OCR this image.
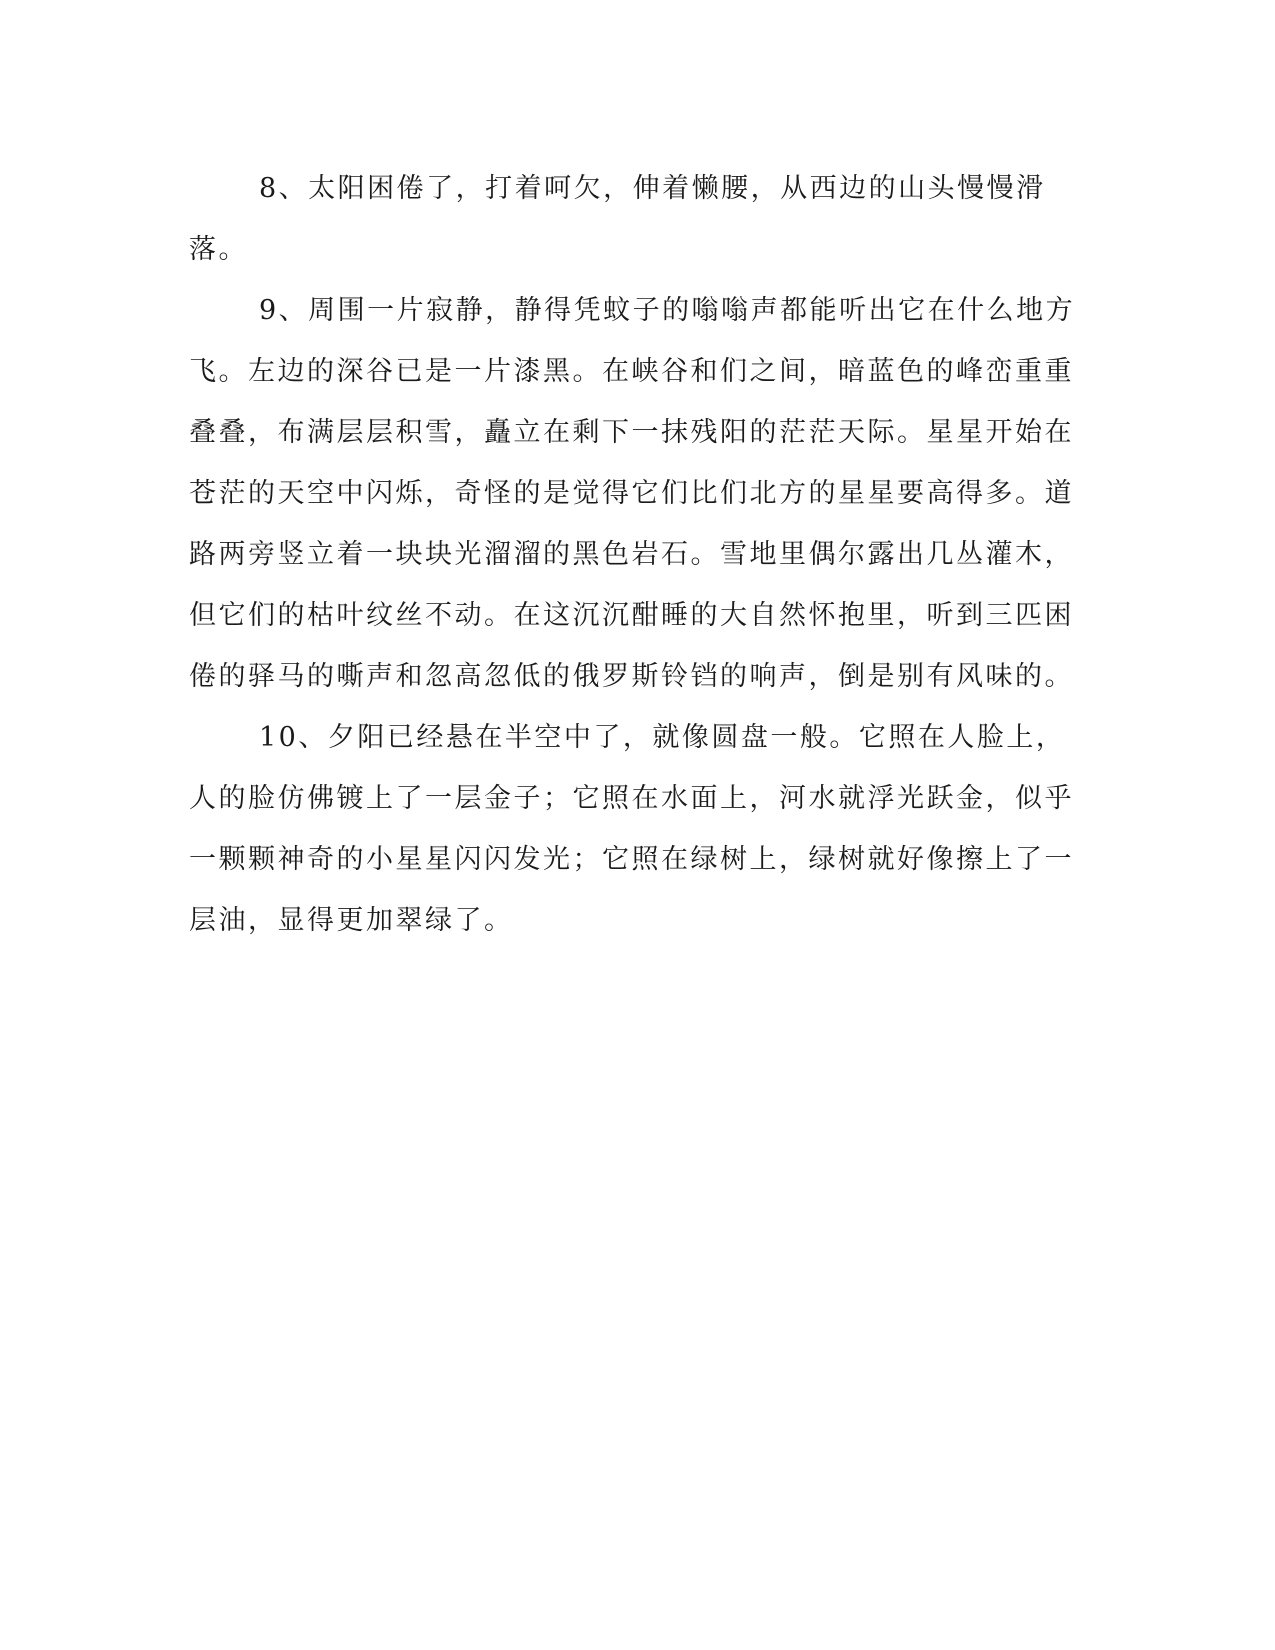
8、太阳困倦了，打着呵欠，伸着懒腰，从西边的山头慢慢滑落。

9、周围一片寂静，静得凭蚊子的嗡嗡声都能听出它在什么地方飞。左边的深谷已是一片漆黑。在峡谷和们之间，暗蓝色的峰峦重重叠叠，布满层层积雪，矗立在剩下一抹残阳的茫茫天际。星星开始在苍茫的天空中闪烁，奇怪的是觉得它们比们北方的星星要高得多。道路两旁竖立着一块块光溜溜的黑色岩石。雪地里偶尔露出几丛灌木，但它们的枯叶纹丝不动。在这沉沉酣睡的大自然怀抱里，听到三匹困倦的驿马的嘶声和忽高忽低的俄罗斯铃铛的响声，倒是别有风味的。

10、夕阳已经悬在半空中了，就像圆盘一般。它照在人脸上，人的脸仿佛镀上了一层金子；它照在水面上，河水就浮光跃金，似乎一颗颗神奇的小星星闪闪发光；它照在绿树上，绿树就好像擦上了一层油，显得更加翠绿了。
